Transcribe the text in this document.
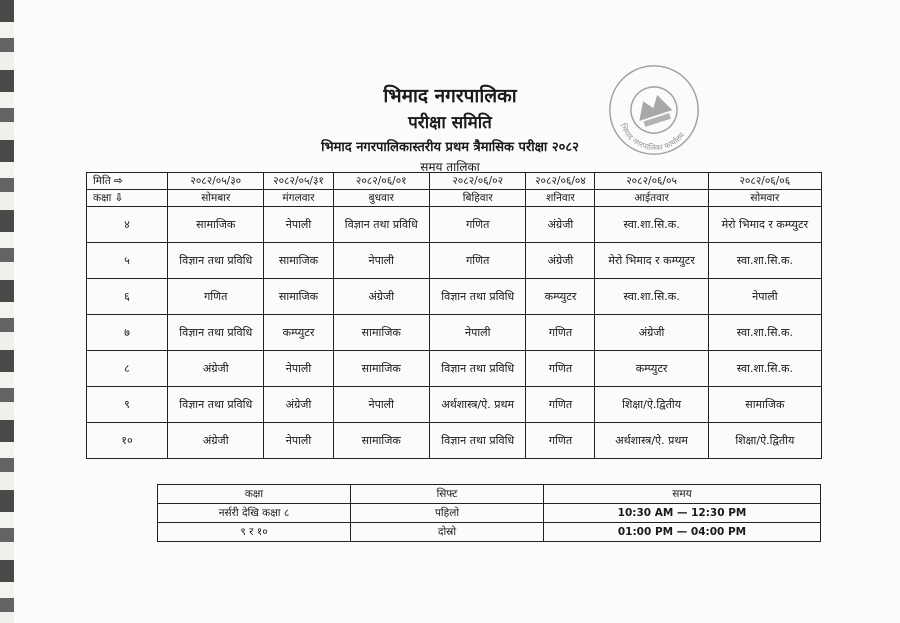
भिमाद नगरपालिका
परीक्षा समिति
भिमाद नगरपालिकास्तरीय प्रथम त्रैमासिक परीक्षा २०८२
समय तालिका
भिमाद नगरपालिका कार्यालय
मिति ⇨	२०८२/०५/३०	२०८२/०५/३१	२०८२/०६/०१	२०८२/०६/०२	२०८२/०६/०४	२०८२/०६/०५	२०८२/०६/०६
कक्षा ⇩	सोमबार	मंगलवार	बुधवार	बिहिवार	शनिवार	आईतवार	सोमवार
४	सामाजिक	नेपाली	विज्ञान तथा प्रविधि	गणित	अंग्रेजी	स्वा.शा.सि.क.	मेरो भिमाद र कम्प्युटर
५	विज्ञान तथा प्रविधि	सामाजिक	नेपाली	गणित	अंग्रेजी	मेरो भिमाद र कम्प्युटर	स्वा.शा.सि.क.
६	गणित	सामाजिक	अंग्रेजी	विज्ञान तथा प्रविधि	कम्प्युटर	स्वा.शा.सि.क.	नेपाली
७	विज्ञान तथा प्रविधि	कम्प्युटर	सामाजिक	नेपाली	गणित	अंग्रेजी	स्वा.शा.सि.क.
८	अंग्रेजी	नेपाली	सामाजिक	विज्ञान तथा प्रविधि	गणित	कम्प्युटर	स्वा.शा.सि.क.
९	विज्ञान तथा प्रविधि	अंग्रेजी	नेपाली	अर्थशास्त्र/ऐ. प्रथम	गणित	शिक्षा/ऐ.द्वितीय	सामाजिक
१०	अंग्रेजी	नेपाली	सामाजिक	विज्ञान तथा प्रविधि	गणित	अर्थशास्त्र/ऐ. प्रथम	शिक्षा/ऐ.द्वितीय
कक्षा	सिफ्ट	समय
नर्सरी देखि कक्षा ८	पहिलो	10:30 AM — 12:30 PM
९ र १०	दोस्रो	01:00 PM — 04:00 PM
